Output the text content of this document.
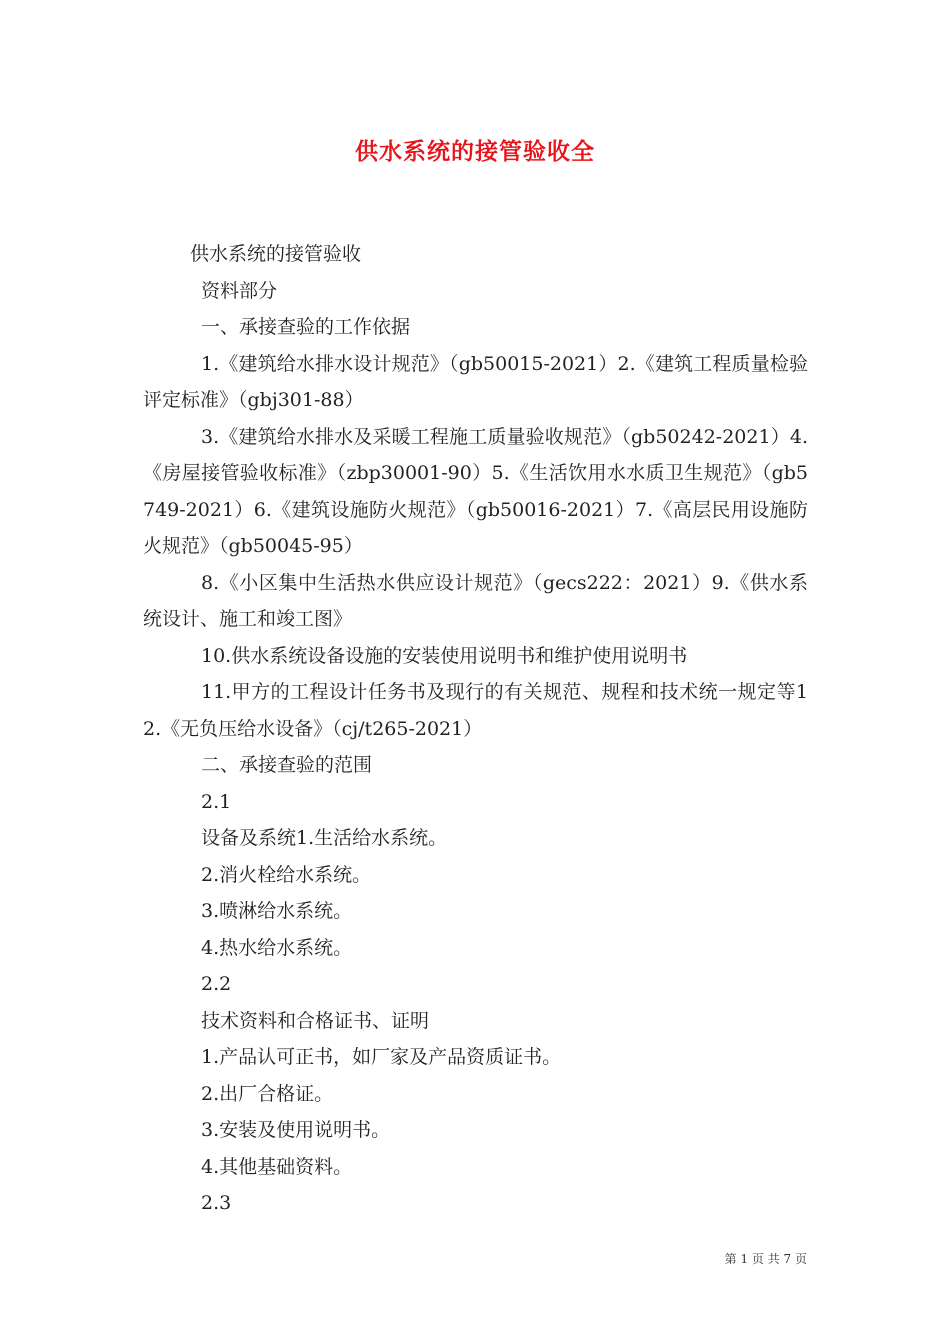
供水系统的接管验收全

供水系统的接管验收

资料部分

一、承接查验的工作依据

1.《建筑给水排水设计规范》（gb50015-2021）2.《建筑工程质量检验评定标准》（gbj301-88）

3.《建筑给水排水及采暖工程施工质量验收规范》（gb50242-2021）4.《房屋接管验收标准》（zbp30001-90）5.《生活饮用水水质卫生规范》（gb5749-2021）6.《建筑设施防火规范》（gb50016-2021）7.《高层民用设施防火规范》（gb50045-95）

8.《小区集中生活热水供应设计规范》（gecs222：2021）9.《供水系统设计、施工和竣工图》

10.供水系统设备设施的安装使用说明书和维护使用说明书

11.甲方的工程设计任务书及现行的有关规范、规程和技术统一规定等12.《无负压给水设备》（cj/t265-2021）

二、承接查验的范围

2.1

设备及系统1.生活给水系统。

2.消火栓给水系统。

3.喷淋给水系统。

4.热水给水系统。

2.2

技术资料和合格证书、证明

1.产品认可正书，如厂家及产品资质证书。

2.出厂合格证。

3.安装及使用说明书。

4.其他基础资料。

2.3

第 1 页 共 7 页
